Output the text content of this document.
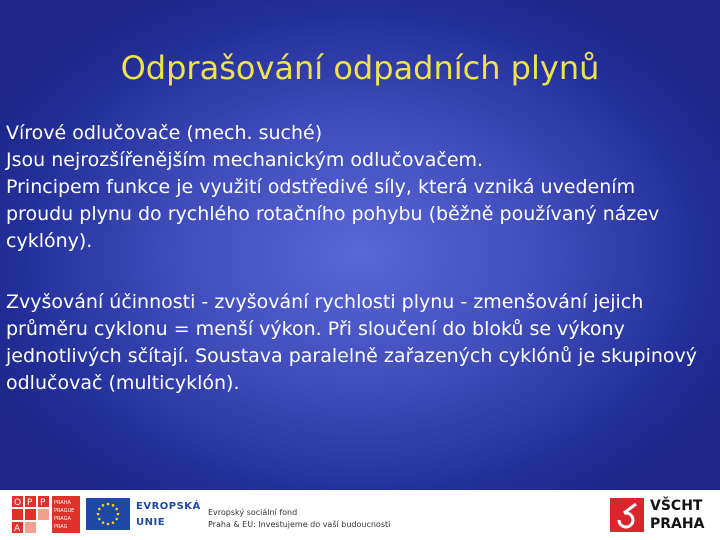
Odprašování odpadních plynů

Vírové odlučovače (mech. suché)

Jsou nejrozšířenějším mechanickým odlučovačem.

Principem funkce je využití odstředivé síly, která vzniká uvedením proudu plynu do rychlého rotačního pohybu (běžně používaný název cyklóny).

Zvyšování účinnosti - zvyšování rychlosti plynu - zmenšování jejich průměru cyklonu = menší výkon. Při sloučení do bloků se výkony jednotlivých sčítají. Soustava paralelně zařazených cyklónů je skupinový odlučovač (multicyklón).

O P P
A
PRAHA
PRAGUE
PRAGA
PRAG
EVROPSKÁ
UNIE
Evropský sociální fond
Praha & EU: Investujeme do vaší budoucnosti
VŠCHT
PRAHA
